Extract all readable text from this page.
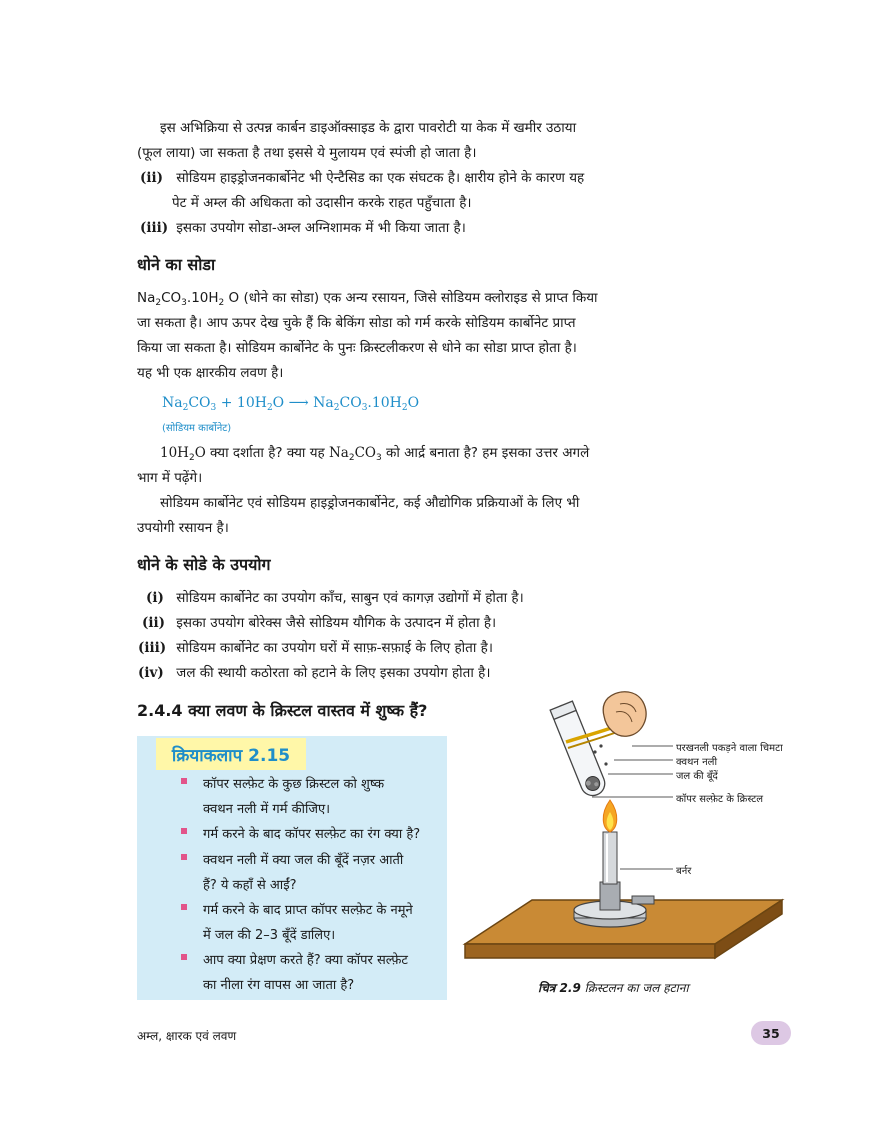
इस अभिक्रिया से उत्पन्न कार्बन डाइऑक्साइड के द्वारा पावरोटी या केक में खमीर उठाया
(फूल लाया) जा सकता है तथा इससे ये मुलायम एवं स्पंजी हो जाता है।
(ii) सोडियम हाइड्रोजनकार्बोनेट भी ऐन्टैसिड का एक संघटक है। क्षारीय होने के कारण यह
पेट में अम्ल की अधिकता को उदासीन करके राहत पहुँचाता है।
(iii) इसका उपयोग सोडा-अम्ल अग्निशामक में भी किया जाता है।
धोने का सोडा
$Na_2CO_3.10H_2$ O (धोने का सोडा) एक अन्य रसायन, जिसे सोडियम क्लोराइड से प्राप्त किया
जा सकता है। आप ऊपर देख चुके हैं कि बेकिंग सोडा को गर्म करके सोडियम कार्बोनेट प्राप्त
किया जा सकता है। सोडियम कार्बोनेट के पुनः क्रिस्टलीकरण से धोने का सोडा प्राप्त होता है।
यह भी एक क्षारकीय लवण है।
$Na_2CO_3 + 10H_2O$ ⟶ $Na_2CO_3.10H_2O$
(सोडियम कार्बोनेट)
$10H_2O$ क्या दर्शाता है? क्या यह $Na_2CO_3$ को आर्द्र बनाता है? हम इसका उत्तर अगले
भाग में पढ़ेंगे।
सोडियम कार्बोनेट एवं सोडियम हाइड्रोजनकार्बोनेट, कई औद्योगिक प्रक्रियाओं के लिए भी
उपयोगी रसायन है।
धोने के सोडे के उपयोग
(i) सोडियम कार्बोनेट का उपयोग काँच, साबुन एवं कागज़ उद्योगों में होता है।
(ii) इसका उपयोग बोरेक्स जैसे सोडियम यौगिक के उत्पादन में होता है।
(iii) सोडियम कार्बोनेट का उपयोग घरों में साफ़-सफ़ाई के लिए होता है।
(iv) जल की स्थायी कठोरता को हटाने के लिए इसका उपयोग होता है।
2.4.4 क्या लवण के क्रिस्टल वास्तव में शुष्क हैं?
क्रियाकलाप 2.15
कॉपर सल्फ़ेट के कुछ क्रिस्टल को शुष्क
क्वथन नली में गर्म कीजिए।
गर्म करने के बाद कॉपर सल्फ़ेट का रंग क्या है?
क्वथन नली में क्या जल की बूँदें नज़र आती
हैं? ये कहाँ से आईं?
गर्म करने के बाद प्राप्त कॉपर सल्फ़ेट के नमूने
में जल की 2–3 बूँदें डालिए।
आप क्या प्रेक्षण करते हैं? क्या कॉपर सल्फ़ेट
का नीला रंग वापस आ जाता है?
परखनली पकड़ने वाला चिमटा
क्वथन नली
जल की बूँदें
कॉपर सल्फ़ेट के क्रिस्टल
बर्नर
चित्र 2.9 क्रिस्टलन का जल हटाना
अम्ल, क्षारक एवं लवण	35
